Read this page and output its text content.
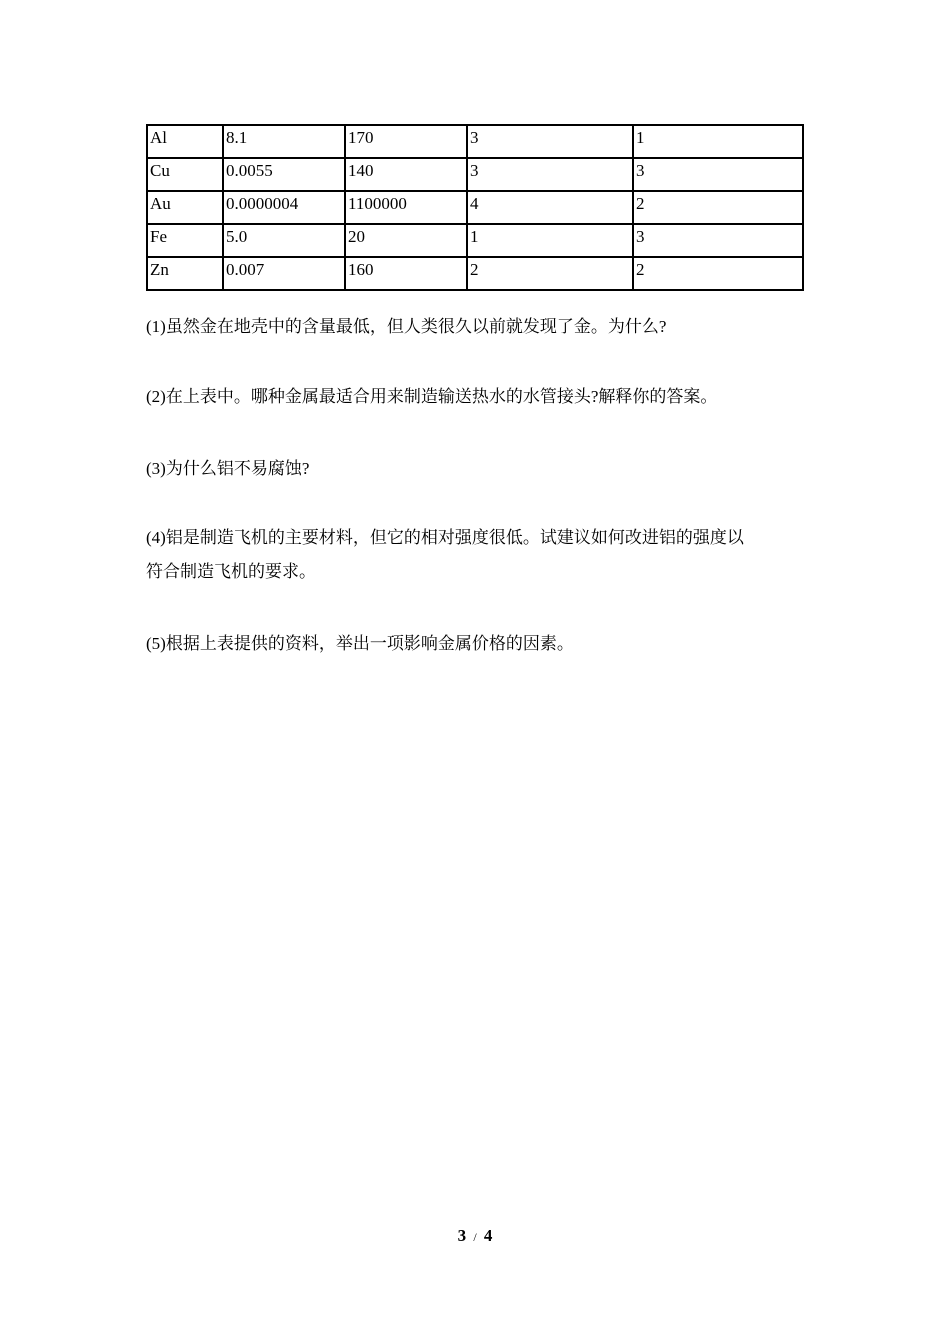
Al	8.1	170	3	1
Cu	0.0055	140	3	3
Au	0.0000004	1100000	4	2
Fe	5.0	20	1	3
Zn	0.007	160	2	2

(1)虽然金在地壳中的含量最低，但人类很久以前就发现了金。为什么?

(2)在上表中。哪种金属最适合用来制造输送热水的水管接头?解释你的答案。

(3)为什么铝不易腐蚀?

(4)铝是制造飞机的主要材料，但它的相对强度很低。试建议如何改进铝的强度以
符合制造飞机的要求。

(5)根据上表提供的资料，举出一项影响金属价格的因素。

3 / 4
